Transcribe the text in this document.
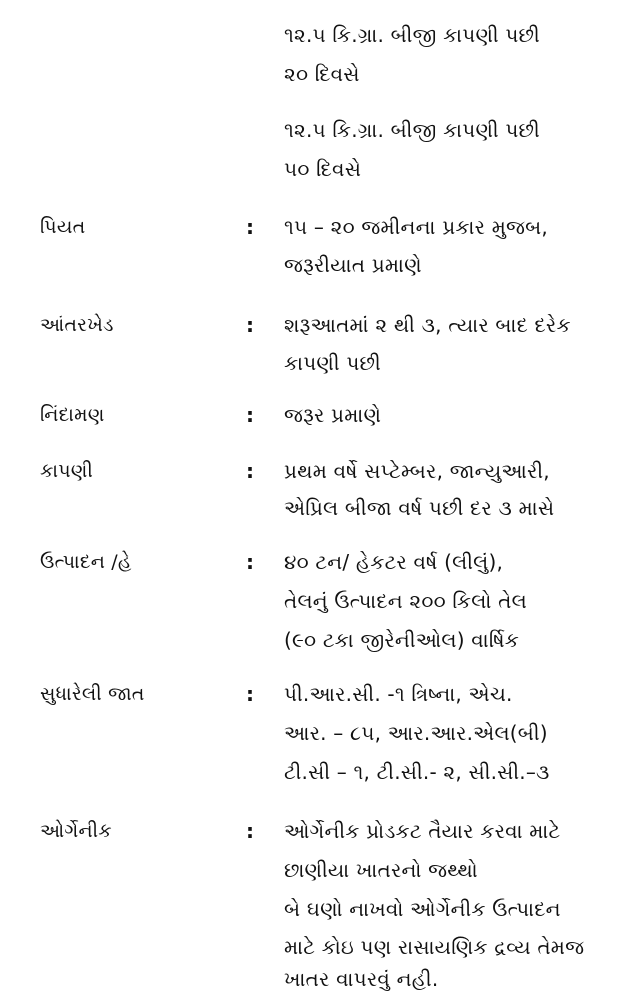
૧૨.૫ કિ.ગ્રા. બીજી કાપણી પછી
૨૦ દિવસે
૧૨.૫ કિ.ગ્રા. બીજી કાપણી પછી
૫૦ દિવસે
પિયત	: ૧૫ – ૨૦ જમીનના પ્રકાર મુજબ,
જરૂરીયાત પ્રમાણે
આંતરખેડ	: શરૂઆતમાં ૨ થી ૩, ત્યાર બાદ દરેક
કાપણી પછી
નિંદામણ	: જરૂર પ્રમાણે
કાપણી	: પ્રથમ વર્ષે સપ્ટેમ્બર, જાન્યુઆરી,
એપ્રિલ બીજા વર્ષ પછી દર ૩ માસે
ઉત્પાદન /હે	: ૪૦ ટન/ હેકટર વર્ષ (લીલું),
તેલનું ઉત્પાદન ૨૦૦ કિલો તેલ
(૯૦ ટકા જીરેનીઓલ) વાર્ષિક
સુધારેલી જાત	: પી.આર.સી. -૧ ત્રિષ્ના, એચ.
આર. – ૮૫, આર.આર.એલ(બી)
ટી.સી – ૧, ટી.સી.- ૨, સી.સી.–૩
ઓર્ગેનીક	: ઓર્ગેનીક પ્રોડકટ તૈયાર કરવા માટે
છાણીયા ખાતરનો જથ્થો
બે ઘણો નાખવો ઓર્ગેનીક ઉત્પાદન
માટે કોઇ પણ રાસાયણિક દ્રવ્ય તેમજ
ખાતર વાપરવું નહી.
